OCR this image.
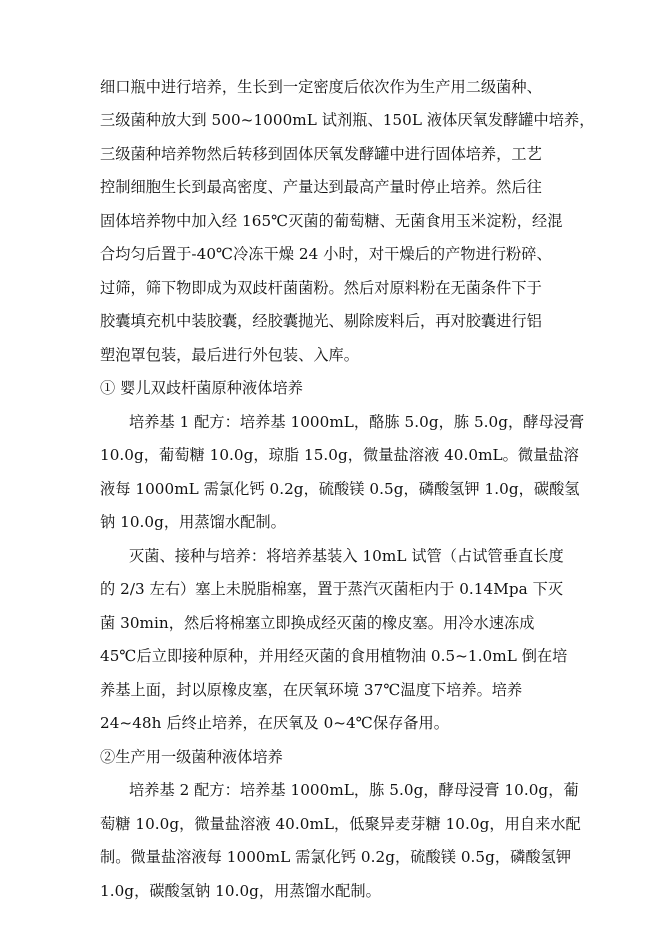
细口瓶中进行培养，生长到一定密度后依次作为生产用二级菌种、
三级菌种放大到 500~1000mL 试剂瓶、150L 液体厌氧发酵罐中培养，
三级菌种培养物然后转移到固体厌氧发酵罐中进行固体培养，工艺
控制细胞生长到最高密度、产量达到最高产量时停止培养。然后往
固体培养物中加入经 165℃灭菌的葡萄糖、无菌食用玉米淀粉，经混
合均匀后置于-40℃冷冻干燥 24 小时，对干燥后的产物进行粉碎、
过筛，筛下物即成为双歧杆菌菌粉。然后对原料粉在无菌条件下于
胶囊填充机中装胶囊，经胶囊抛光、剔除废料后，再对胶囊进行铝
塑泡罩包装，最后进行外包装、入库。
① 婴儿双歧杆菌原种液体培养
培养基 1 配方：培养基 1000mL，酪胨 5.0g，胨 5.0g，酵母浸膏
10.0g，葡萄糖 10.0g，琼脂 15.0g，微量盐溶液 40.0mL。微量盐溶
液每 1000mL 需氯化钙 0.2g，硫酸镁 0.5g，磷酸氢钾 1.0g，碳酸氢
钠 10.0g，用蒸馏水配制。
灭菌、接种与培养：将培养基装入 10mL 试管（占试管垂直长度
的 2/3 左右）塞上未脱脂棉塞，置于蒸汽灭菌柜内于 0.14Mpa 下灭
菌 30min，然后将棉塞立即换成经灭菌的橡皮塞。用冷水速冻成
45℃后立即接种原种，并用经灭菌的食用植物油 0.5~1.0mL 倒在培
养基上面，封以原橡皮塞，在厌氧环境 37℃温度下培养。培养
24~48h 后终止培养，在厌氧及 0~4℃保存备用。
②生产用一级菌种液体培养
培养基 2 配方：培养基 1000mL，胨 5.0g，酵母浸膏 10.0g，葡
萄糖 10.0g，微量盐溶液 40.0mL，低聚异麦芽糖 10.0g，用自来水配
制。微量盐溶液每 1000mL 需氯化钙 0.2g，硫酸镁 0.5g，磷酸氢钾
1.0g，碳酸氢钠 10.0g，用蒸馏水配制。
